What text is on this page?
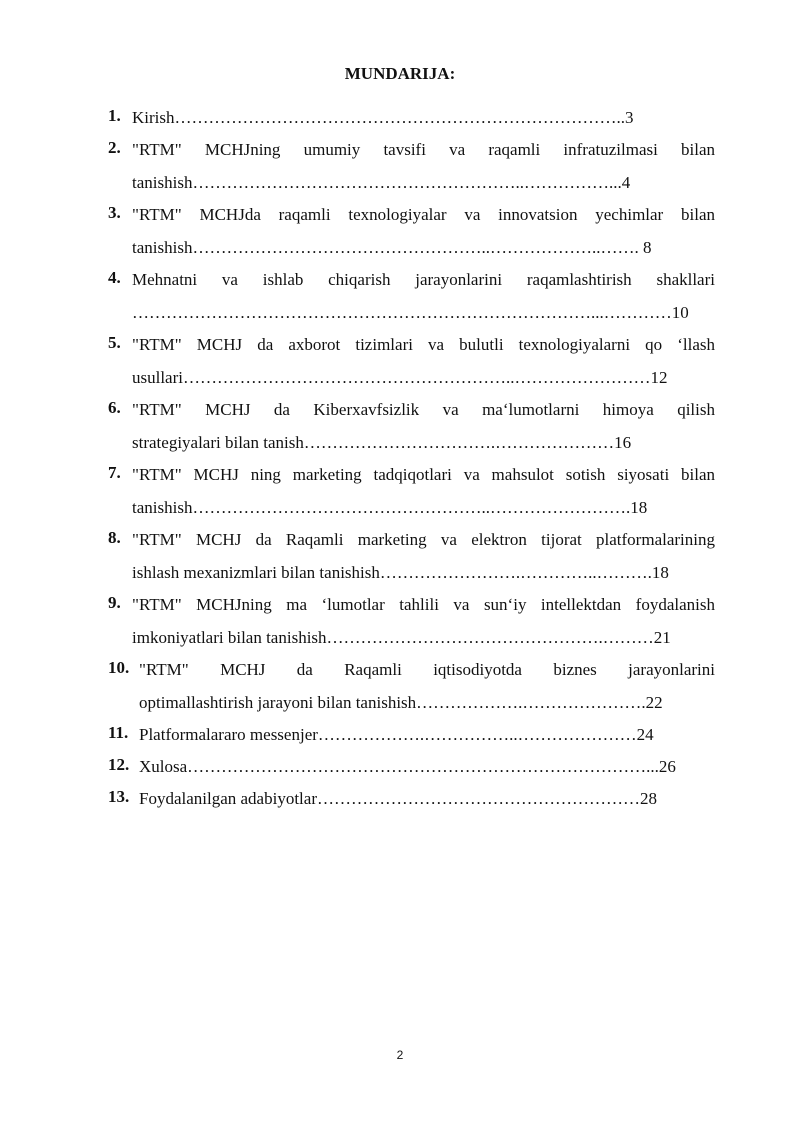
MUNDARIJA:
1. Kirish……………………………………………………………………..3
2. "RTM" MCHJning umumiy tavsifi va raqamli infratuzilmasi bilan
tanishish…………………………………………………..……………...4
3. "RTM" MCHJda raqamli texnologiyalar va innovatsion yechimlar bilan
tanishish……………………………………………..………………..……. 8
4. Mehnatni va ishlab chiqarish jarayonlarini raqamlashtirish shakllari
………………………………………………………………………...…………10
5. "RTM" MCHJ da axborot tizimlari va bulutli texnologiyalarni qo ‘llash
usullari…………………………………………………..……………………12
6. "RTM" MCHJ da Kiberxavfsizlik va ma‘lumotlarni himoya qilish
strategiyalari bilan tanish…………………………….…………………16
7. "RTM" MCHJ ning marketing tadqiqotlari va mahsulot sotish siyosati bilan
tanishish……………………………………………..…………………….18
8. "RTM" MCHJ da Raqamli marketing va elektron tijorat platformalarining
ishlash mexanizmlari bilan tanishish…………………….…………..……….18
9. "RTM" MCHJning ma ‘lumotlar tahlili va sun‘iy intellektdan foydalanish
imkoniyatlari bilan tanishish………………………………………….………21
10. "RTM" MCHJ da Raqamli iqtisodiyotda biznes jarayonlarini
optimallashtirish jarayoni bilan tanishish……………….………………….22
11. Platformalararo messenjer……………….……………..…………………24
12. Xulosa………………………………………………………………………...26
13. Foydalanilgan adabiyotlar…………………………………………………28
2
